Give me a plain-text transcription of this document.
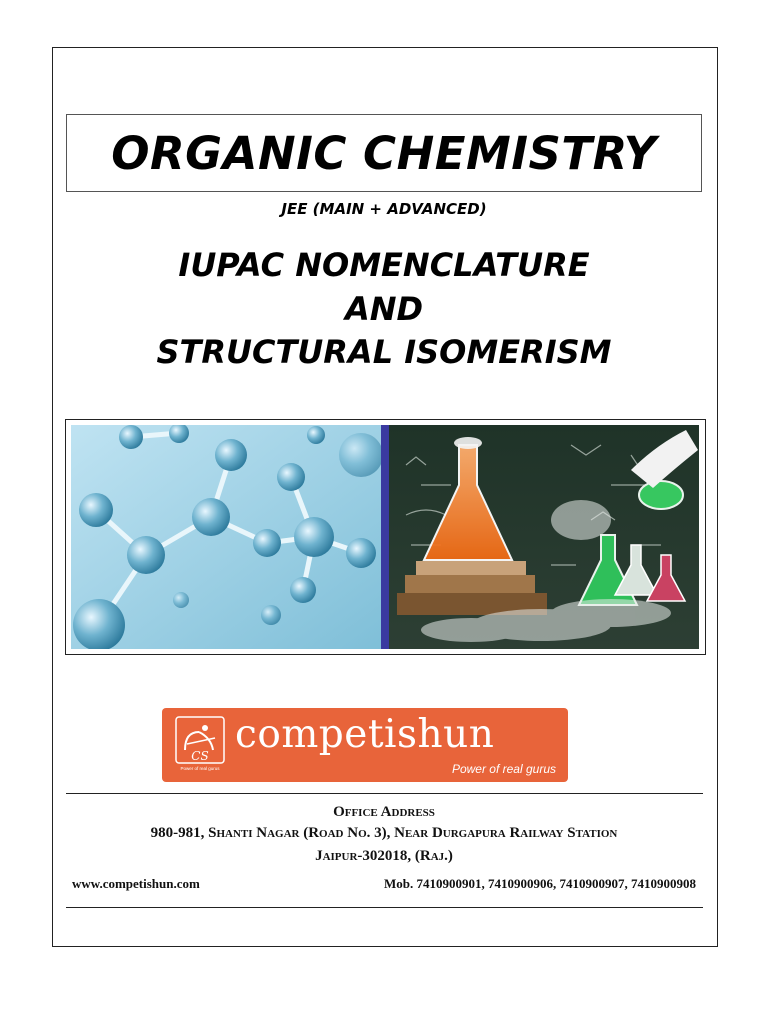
ORGANIC CHEMISTRY
JEE (MAIN + ADVANCED)
IUPAC NOMENCLATURE
AND
STRUCTURAL ISOMERISM
CS
Power of real gurus
competishun
Power of real gurus
Office Address
980-981, Shanti Nagar (Road No. 3), Near Durgapura Railway Station
Jaipur-302018, (Raj.)
www.competishun.com	Mob. 7410900901, 7410900906, 7410900907, 7410900908
